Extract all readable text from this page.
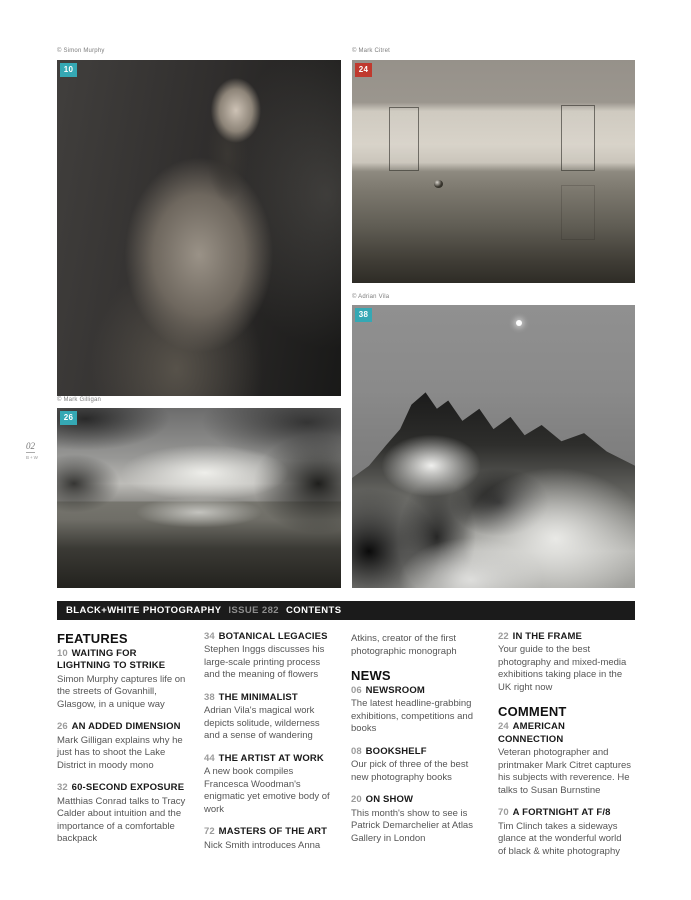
02
B+W
© Simon Murphy
10
© Mark Citret
24
© Mark Gilligan
26
© Adrian Vila
38
BLACK+WHITE PHOTOGRAPHY ISSUE 282 CONTENTS
FEATURES
10 WAITING FOR LIGHTNING TO STRIKE
Simon Murphy captures life on the streets of Govanhill, Glasgow, in a unique way
26 AN ADDED DIMENSION
Mark Gilligan explains why he just has to shoot the Lake District in moody mono
32 60-SECOND EXPOSURE
Matthias Conrad talks to Tracy Calder about intuition and the importance of a comfortable backpack
34 BOTANICAL LEGACIES
Stephen Inggs discusses his large-scale printing process and the meaning of flowers
38 THE MINIMALIST
Adrian Vila's magical work depicts solitude, wilderness and a sense of wandering
44 THE ARTIST AT WORK
A new book compiles Francesca Woodman's enigmatic yet emotive body of work
72 MASTERS OF THE ART
Nick Smith introduces Anna
Atkins, creator of the first photographic monograph
NEWS
06 NEWSROOM
The latest headline-grabbing exhibitions, competitions and books
08 BOOKSHELF
Our pick of three of the best new photography books
20 ON SHOW
This month's show to see is Patrick Demarchelier at Atlas Gallery in London
22 IN THE FRAME
Your guide to the best photography and mixed-media exhibitions taking place in the UK right now
COMMENT
24 AMERICAN CONNECTION
Veteran photographer and printmaker Mark Citret captures his subjects with reverence. He talks to Susan Burnstine
70 A FORTNIGHT AT F/8
Tim Clinch takes a sideways glance at the wonderful world of black & white photography
